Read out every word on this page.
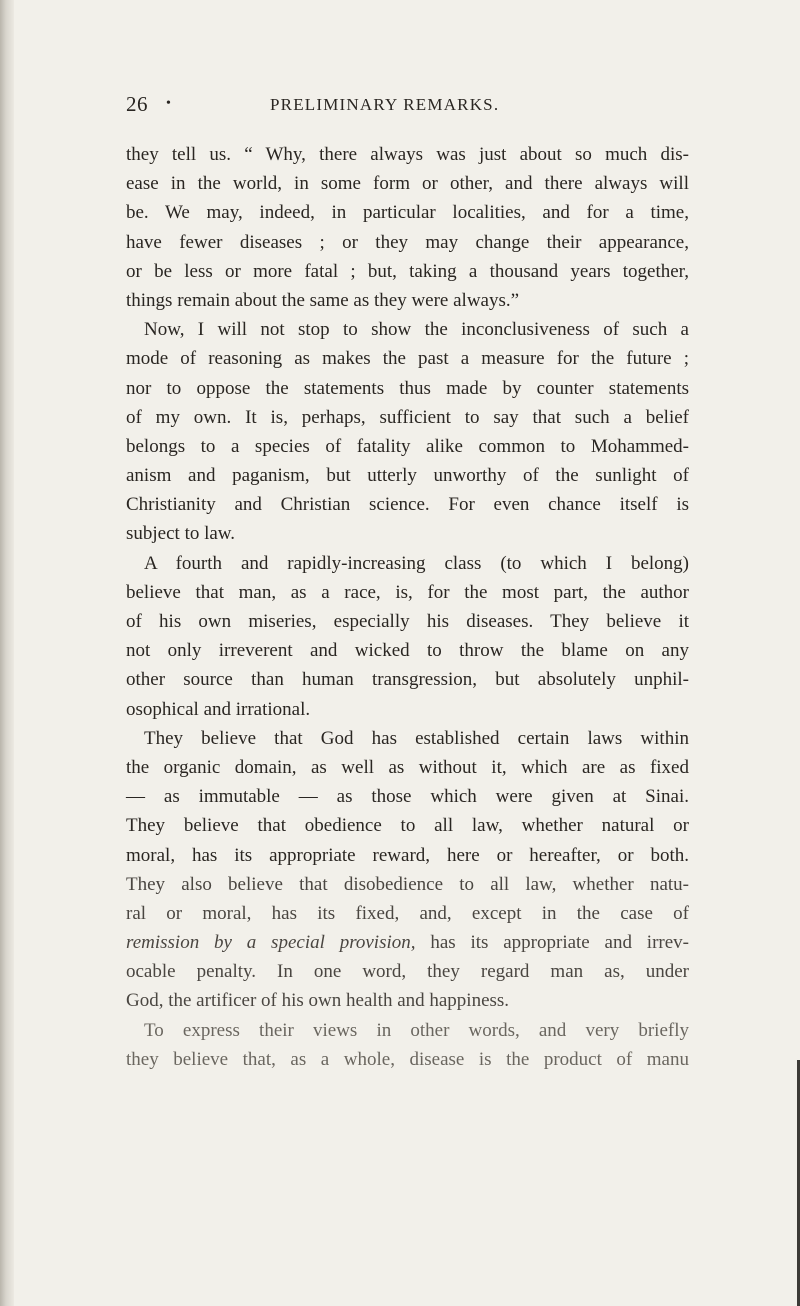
26 •	PRELIMINARY REMARKS.
they tell us. “ Why, there always was just about so much dis-
ease in the world, in some form or other, and there always will
be. We may, indeed, in particular localities, and for a time,
have fewer diseases ; or they may change their appearance,
or be less or more fatal ; but, taking a thousand years together,
things remain about the same as they were always.”
Now, I will not stop to show the inconclusiveness of such a
mode of reasoning as makes the past a measure for the future ;
nor to oppose the statements thus made by counter statements
of my own. It is, perhaps, sufficient to say that such a belief
belongs to a species of fatality alike common to Mohammed-
anism and paganism, but utterly unworthy of the sunlight of
Christianity and Christian science. For even chance itself is
subject to law.
A fourth and rapidly-increasing class (to which I belong)
believe that man, as a race, is, for the most part, the author
of his own miseries, especially his diseases. They believe it
not only irreverent and wicked to throw the blame on any
other source than human transgression, but absolutely unphil-
osophical and irrational.
They believe that God has established certain laws within
the organic domain, as well as without it, which are as fixed
— as immutable — as those which were given at Sinai.
They believe that obedience to all law, whether natural or
moral, has its appropriate reward, here or hereafter, or both.
They also believe that disobedience to all law, whether natu-
ral or moral, has its fixed, and, except in the case of
remission by a special provision, has its appropriate and irrev-
ocable penalty. In one word, they regard man as, under
God, the artificer of his own health and happiness.
To express their views in other words, and very briefly
they believe that, as a whole, disease is the product of manu
